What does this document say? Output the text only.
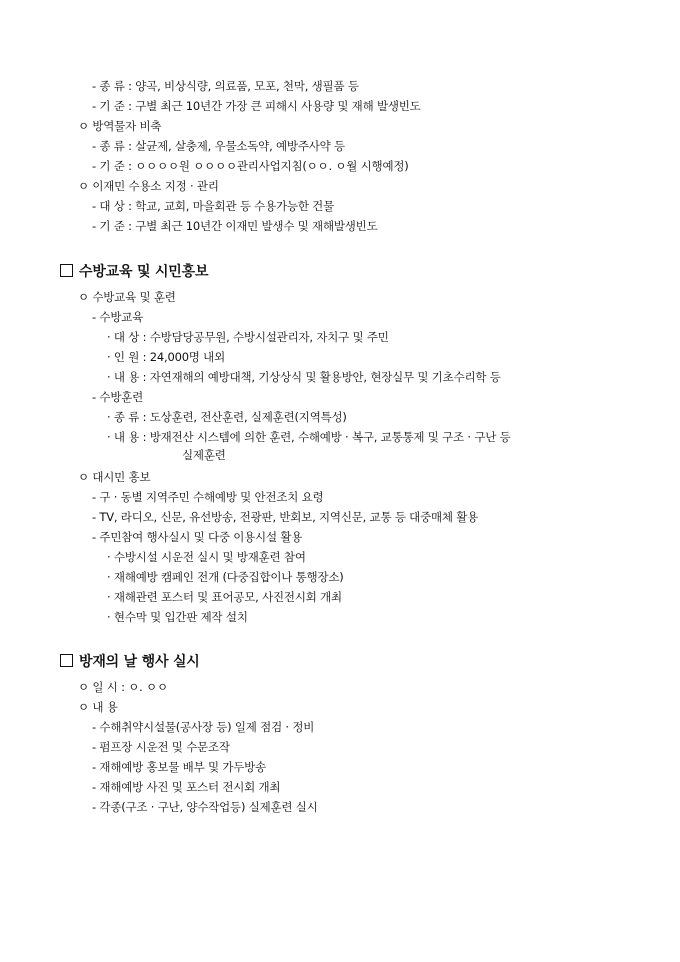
- 종 류 : 양곡, 비상식량, 의료품, 모포, 천막, 생필품 등
- 기 준 : 구별 최근 10년간 가장 큰 피해시 사용량 및 재해 발생빈도
ㅇ 방역물자 비축
- 종 류 : 살균제, 살충제, 우물소독약, 예방주사약 등
- 기 준 : ㅇㅇㅇㅇ원 ㅇㅇㅇㅇ관리사업지침(ㅇㅇ. ㅇ월 시행예정)
ㅇ 이재민 수용소 지정 · 관리
- 대 상 : 학교, 교회, 마을회관 등 수용가능한 건물
- 기 준 : 구별 최근 10년간 이재민 발생수 및 재해발생빈도
수방교육 및 시민홍보
ㅇ 수방교육 및 훈련
- 수방교육
· 대 상 : 수방담당공무원, 수방시설관리자, 자치구 및 주민
· 인 원 : 24,000명 내외
· 내 용 : 자연재해의 예방대책, 기상상식 및 활용방안, 현장실무 및 기초수리학 등
- 수방훈련
· 종 류 : 도상훈련, 전산훈련, 실제훈련(지역특성)
· 내 용 : 방재전산 시스템에 의한 훈련, 수해예방 · 복구, 교통통제 및 구조 · 구난 등
실제훈련
ㅇ 대시민 홍보
- 구 · 동별 지역주민 수해예방 및 안전조치 요령
- TV, 라디오, 신문, 유선방송, 전광판, 반회보, 지역신문, 교통 등 대중매체 활용
- 주민참여 행사실시 및 다중 이용시설 활용
· 수방시설 시운전 실시 및 방재훈련 참여
· 재해예방 캠페인 전개 (다중집합이나 통행장소)
· 재해관련 포스터 및 표어공모, 사진전시회 개최
· 현수막 및 입간판 제작 설치
방재의 날 행사 실시
ㅇ 일 시 : ㅇ. ㅇㅇ
ㅇ 내 용
- 수해취약시설물(공사장 등) 일제 점검 · 정비
- 펌프장 시운전 및 수문조작
- 재해예방 홍보물 배부 및 가두방송
- 재해예방 사진 및 포스터 전시회 개최
- 각종(구조 · 구난, 양수작업등) 실제훈련 실시
